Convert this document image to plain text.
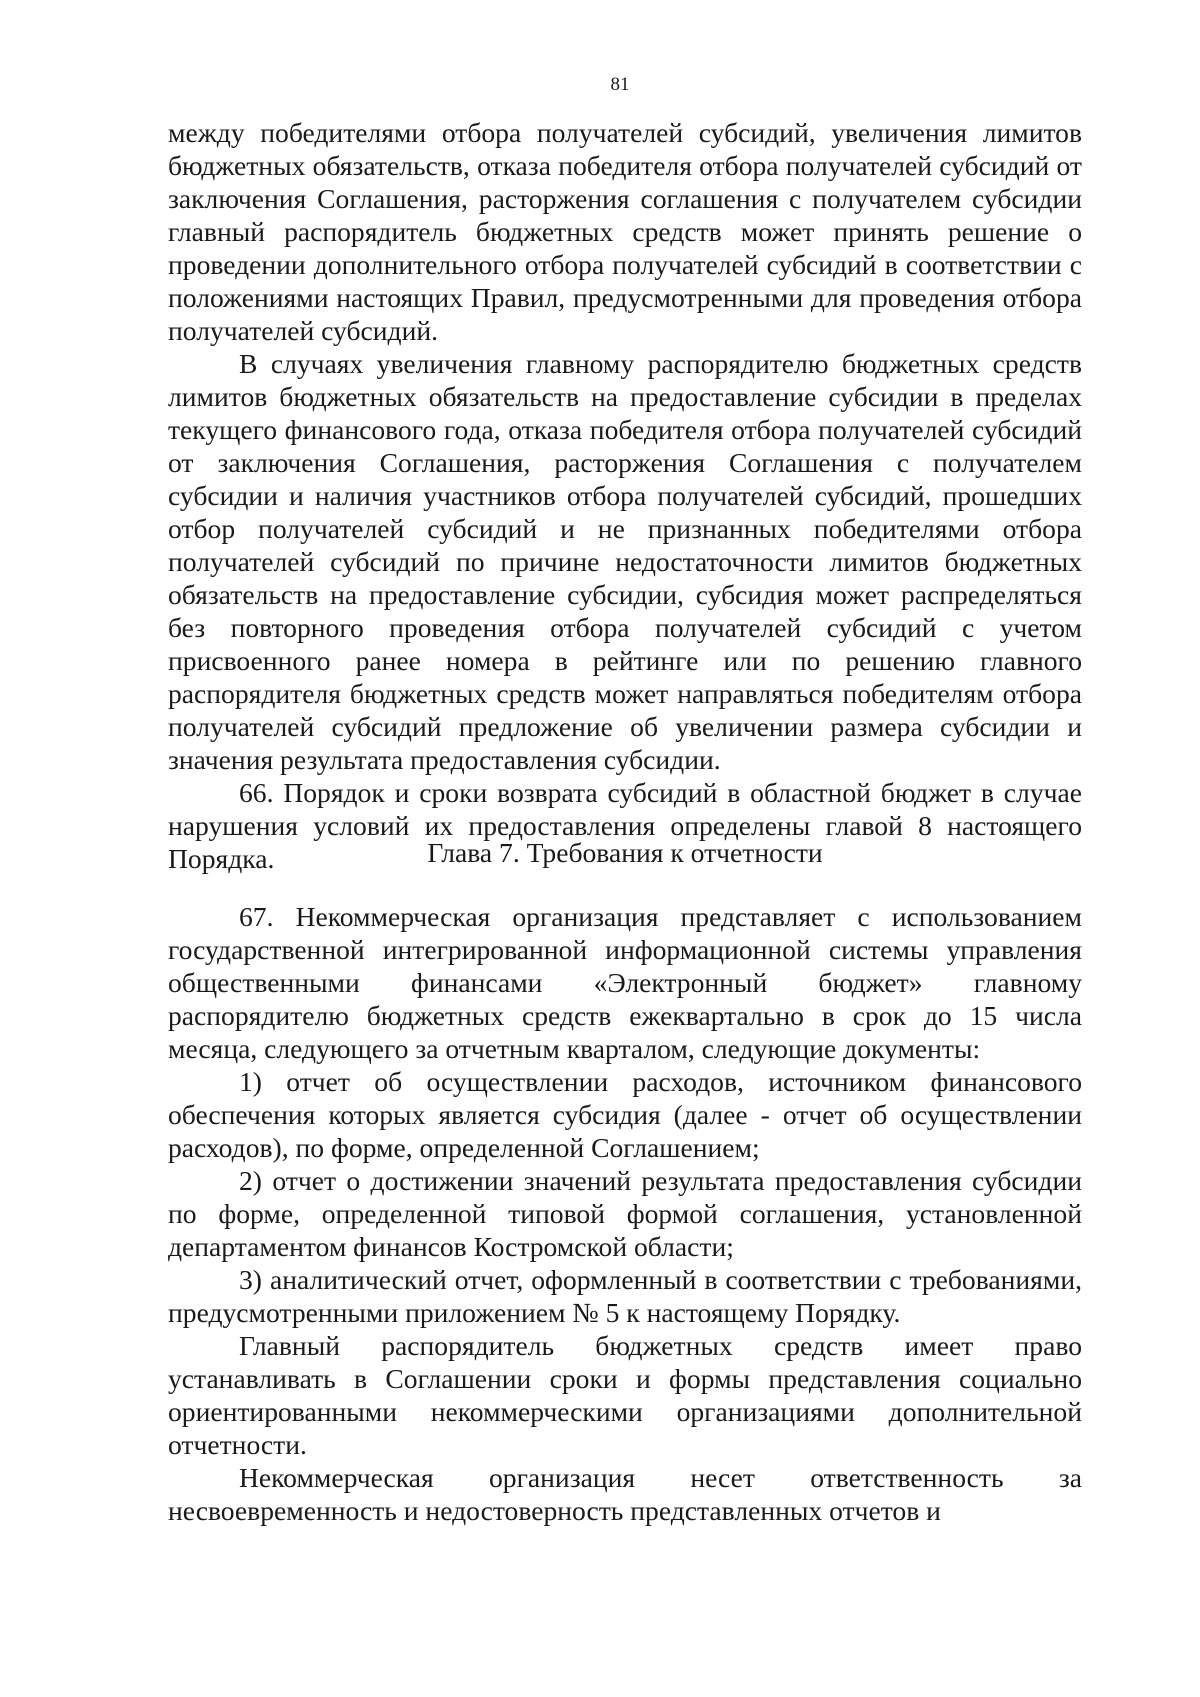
81

между победителями отбора получателей субсидий, увеличения лимитов бюджетных обязательств, отказа победителя отбора получателей субсидий от заключения Соглашения, расторжения соглашения с получателем субсидии главный распорядитель бюджетных средств может принять решение о проведении дополнительного отбора получателей субсидий в соответствии с положениями настоящих Правил, предусмотренными для проведения отбора получателей субсидий.

В случаях увеличения главному распорядителю бюджетных средств лимитов бюджетных обязательств на предоставление субсидии в пределах текущего финансового года, отказа победителя отбора получателей субсидий от заключения Соглашения, расторжения Соглашения с получателем субсидии и наличия участников отбора получателей субсидий, прошедших отбор получателей субсидий и не признанных победителями отбора получателей субсидий по причине недостаточности лимитов бюджетных обязательств на предоставление субсидии, субсидия может распределяться без повторного проведения отбора получателей субсидий с учетом присвоенного ранее номера в рейтинге или по решению главного распорядителя бюджетных средств может направляться победителям отбора получателей субсидий предложение об увеличении размера субсидии и значения результата предоставления субсидии.

66. Порядок и сроки возврата субсидий в областной бюджет в случае нарушения условий их предоставления определены главой 8 настоящего Порядка.	Глава 7. Требования к отчетности

67. Некоммерческая организация представляет с использованием государственной интегрированной информационной системы управления общественными финансами «Электронный бюджет» главному распорядителю бюджетных средств ежеквартально в срок до 15 числа месяца, следующего за отчетным кварталом, следующие документы:

1) отчет об осуществлении расходов, источником финансового обеспечения которых является субсидия (далее - отчет об осуществлении расходов), по форме, определенной Соглашением;

2) отчет о достижении значений результата предоставления субсидии по форме, определенной типовой формой соглашения, установленной департаментом финансов Костромской области;

3) аналитический отчет, оформленный в соответствии с требованиями, предусмотренными приложением № 5 к настоящему Порядку.

Главный распорядитель бюджетных средств имеет право устанавливать в Соглашении сроки и формы представления социально ориентированными некоммерческими организациями дополнительной отчетности.

Некоммерческая организация несет ответственность за несвоевременность и недостоверность представленных отчетов и
